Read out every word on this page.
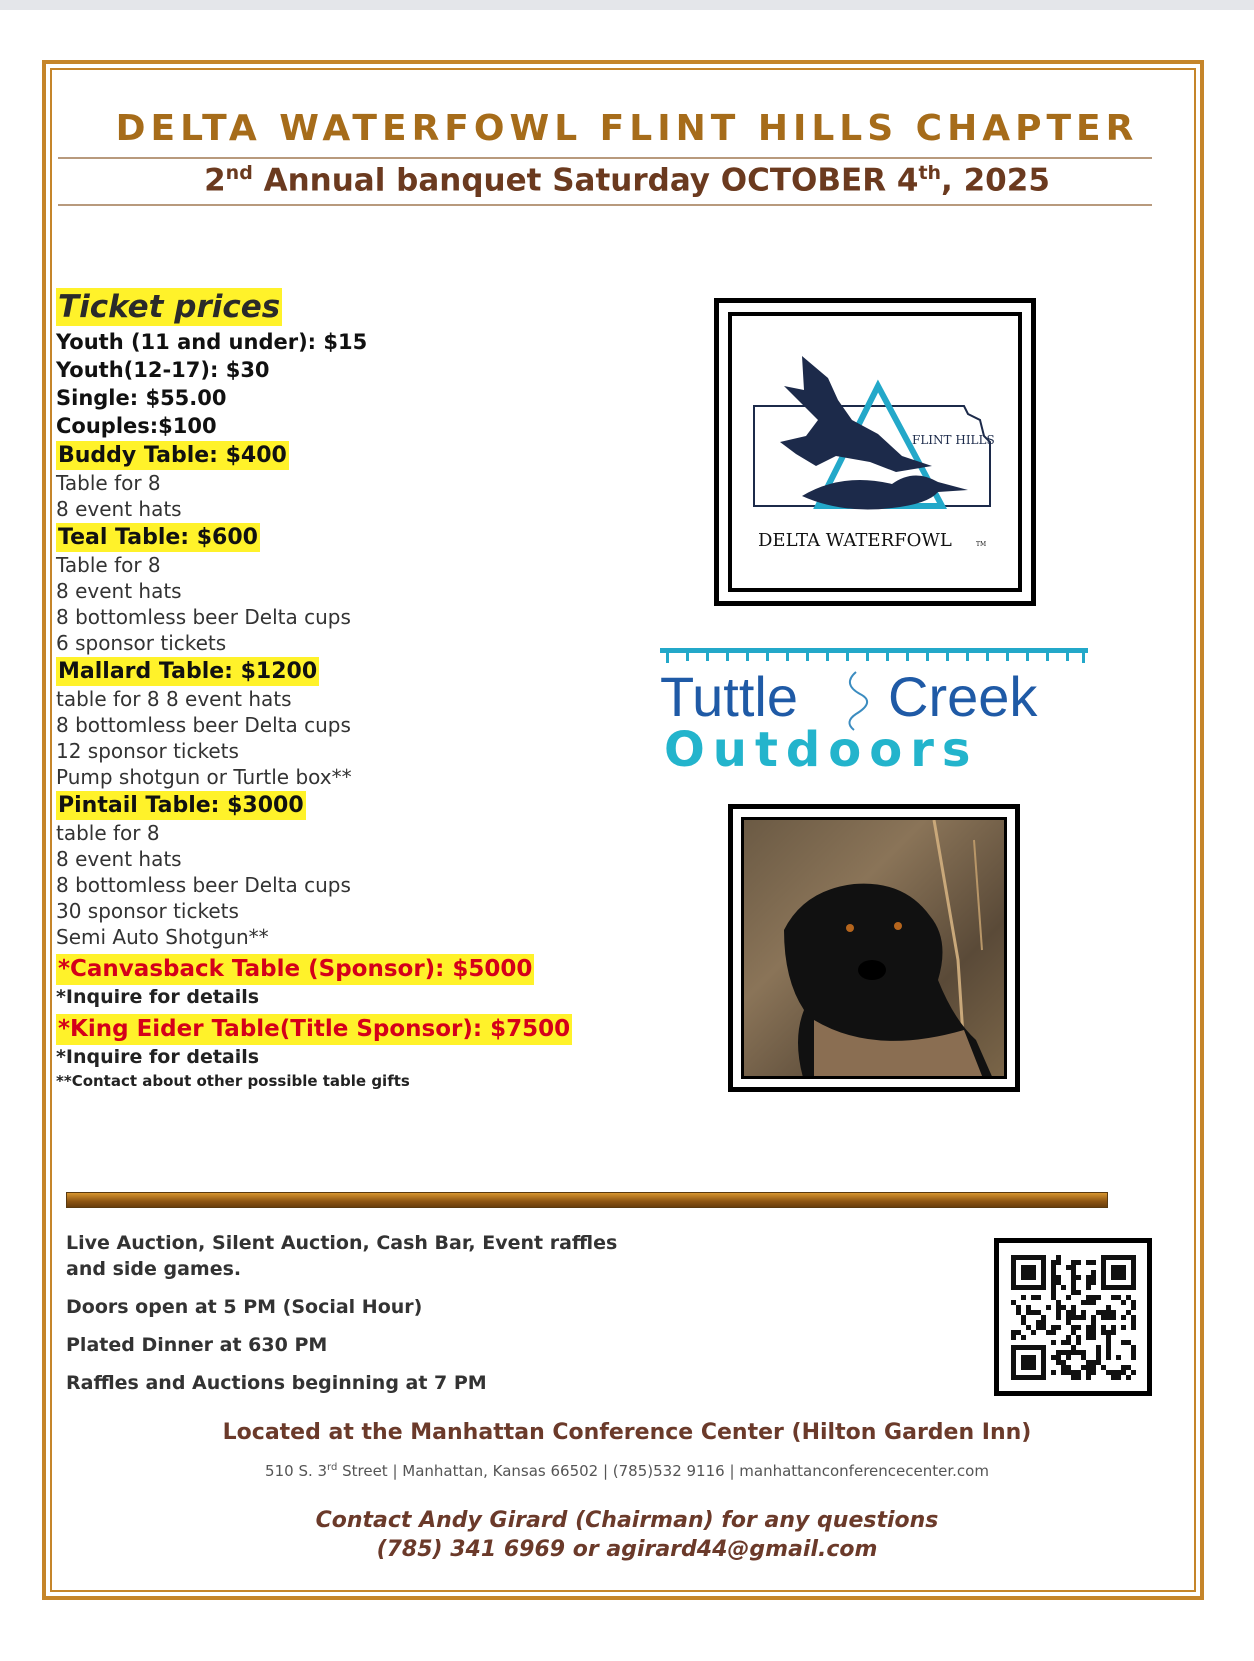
DELTA WATERFOWL FLINT HILLS CHAPTER
2nd Annual banquet Saturday OCTOBER 4th, 2025
Ticket prices
Youth (11 and under): $15
Youth(12-17): $30
Single: $55.00
Couples:$100
Buddy Table: $400
Table for 8
8 event hats
Teal Table: $600
Table for 8
8 event hats
8 bottomless beer Delta cups
6 sponsor tickets
Mallard Table: $1200
table for 8 8 event hats
8 bottomless beer Delta cups
12 sponsor tickets
Pump shotgun or Turtle box**
Pintail Table: $3000
table for 8
8 event hats
8 bottomless beer Delta cups
30 sponsor tickets
Semi Auto Shotgun**
*Canvasback Table (Sponsor): $5000
*Inquire for details
*King Eider Table(Title Sponsor): $7500
*Inquire for details
**Contact about other possible table gifts
FLINT HILLS
DELTA WATERFOWL	TM
Tuttle Creek
Outdoors
Live Auction, Silent Auction, Cash Bar, Event raffles
and side games.
Doors open at 5 PM (Social Hour)
Plated Dinner at 630 PM
Raffles and Auctions beginning at 7 PM
Located at the Manhattan Conference Center (Hilton Garden Inn)
510 S. 3rd Street | Manhattan, Kansas 66502 | (785)532 9116 | manhattanconferencecenter.com
Contact Andy Girard (Chairman) for any questions
(785) 341 6969 or agirard44@gmail.com
